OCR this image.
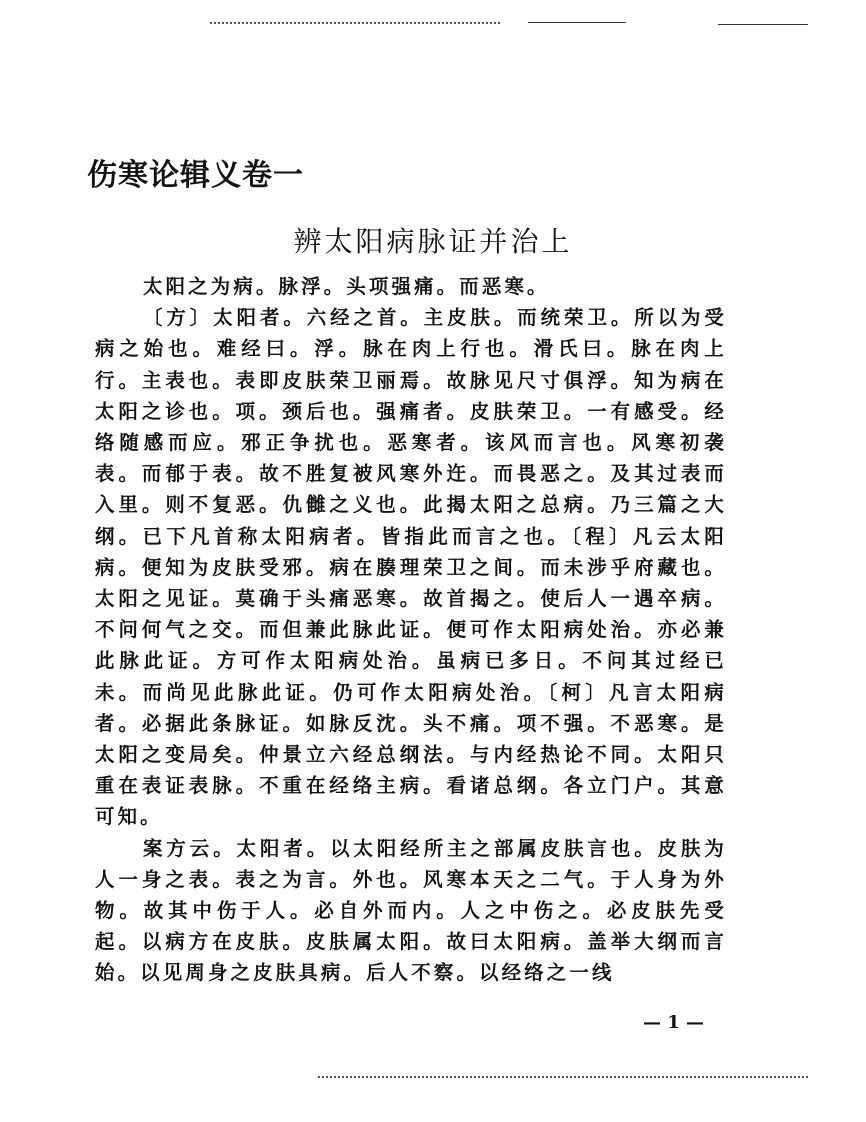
伤寒论辑义卷一
辨太阳病脉证并治上

太阳之为病。脉浮。头项强痛。而恶寒。

〔方〕太阳者。六经之首。主皮肤。而统荣卫。所以为受病之始也。难经曰。浮。脉在肉上行也。滑氏曰。脉在肉上行。主表也。表即皮肤荣卫丽焉。故脉见尺寸俱浮。知为病在太阳之诊也。项。颈后也。强痛者。皮肤荣卫。一有感受。经络随感而应。邪正争扰也。恶寒者。该风而言也。风寒初袭表。而郁于表。故不胜复被风寒外迕。而畏恶之。及其过表而入里。则不复恶。仇雠之义也。此揭太阳之总病。乃三篇之大纲。已下凡首称太阳病者。皆指此而言之也。〔程〕凡云太阳病。便知为皮肤受邪。病在腠理荣卫之间。而未涉乎府藏也。太阳之见证。莫确于头痛恶寒。故首揭之。使后人一遇卒病。不问何气之交。而但兼此脉此证。便可作太阳病处治。亦必兼此脉此证。方可作太阳病处治。虽病已多日。不问其过经已未。而尚见此脉此证。仍可作太阳病处治。〔柯〕凡言太阳病者。必据此条脉证。如脉反沈。头不痛。项不强。不恶寒。是太阳之变局矣。仲景立六经总纲法。与内经热论不同。太阳只重在表证表脉。不重在经络主病。看诸总纲。各立门户。其意可知。

案方云。太阳者。以太阳经所主之部属皮肤言也。皮肤为人一身之表。表之为言。外也。风寒本天之二气。于人身为外物。故其中伤于人。必自外而内。人之中伤之。必皮肤先受起。以病方在皮肤。皮肤属太阳。故曰太阳病。盖举大纲而言始。以见周身之皮肤具病。后人不察。以经络之一线

— 1 —
